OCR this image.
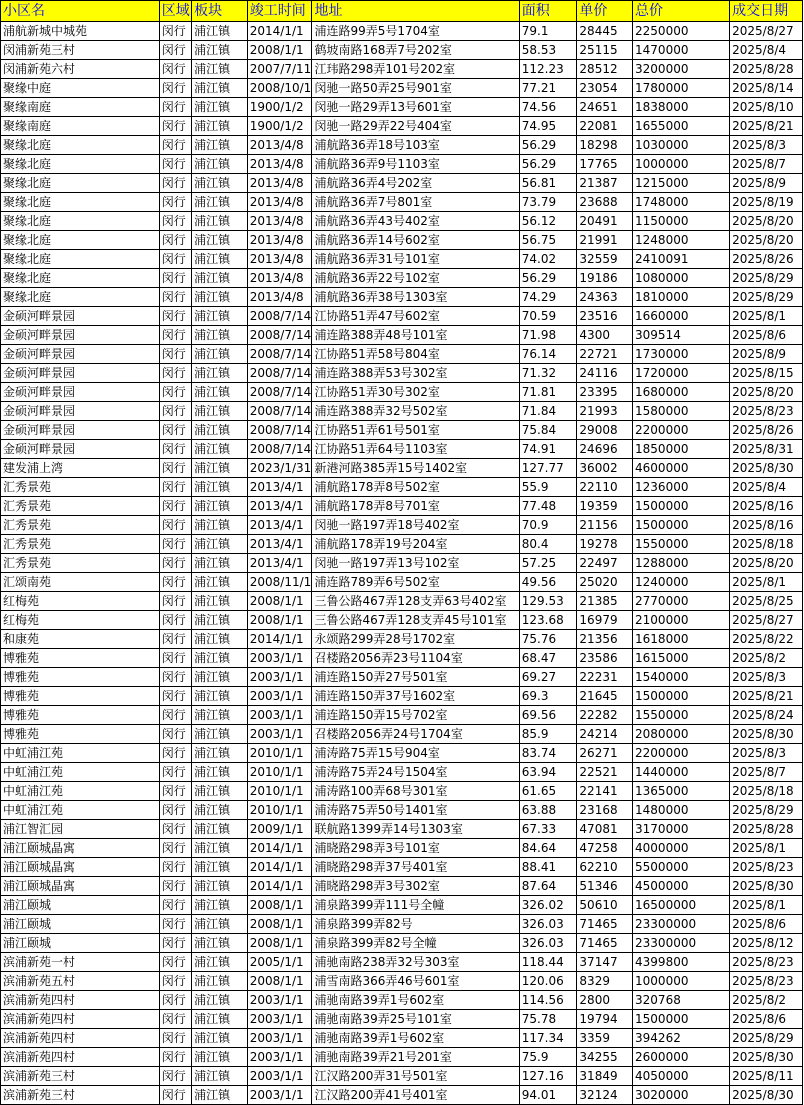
小区名	区域	板块	竣工时间	地址	面积	单价	总价	成交日期
浦航新城中城苑	闵行	浦江镇	2014/1/1	浦连路99弄5号1704室	79.1	28445	2250000	2025/8/27
闵浦新苑三村	闵行	浦江镇	2008/1/1	鹤坡南路168弄7号202室	58.53	25115	1470000	2025/8/4
闵浦新苑六村	闵行	浦江镇	2007/7/11	江玮路298弄101号202室	112.23	28512	3200000	2025/8/28
聚缘中庭	闵行	浦江镇	2008/10/1	闵驰一路50弄25号901室	77.21	23054	1780000	2025/8/14
聚缘南庭	闵行	浦江镇	1900/1/2	闵驰一路29弄13号601室	74.56	24651	1838000	2025/8/10
聚缘南庭	闵行	浦江镇	1900/1/2	闵驰一路29弄22号404室	74.95	22081	1655000	2025/8/21
聚缘北庭	闵行	浦江镇	2013/4/8	浦航路36弄18号103室	56.29	18298	1030000	2025/8/3
聚缘北庭	闵行	浦江镇	2013/4/8	浦航路36弄9号1103室	56.29	17765	1000000	2025/8/7
聚缘北庭	闵行	浦江镇	2013/4/8	浦航路36弄4号202室	56.81	21387	1215000	2025/8/9
聚缘北庭	闵行	浦江镇	2013/4/8	浦航路36弄7号801室	73.79	23688	1748000	2025/8/19
聚缘北庭	闵行	浦江镇	2013/4/8	浦航路36弄43号402室	56.12	20491	1150000	2025/8/20
聚缘北庭	闵行	浦江镇	2013/4/8	浦航路36弄14号602室	56.75	21991	1248000	2025/8/20
聚缘北庭	闵行	浦江镇	2013/4/8	浦航路36弄31号101室	74.02	32559	2410091	2025/8/26
聚缘北庭	闵行	浦江镇	2013/4/8	浦航路36弄22号102室	56.29	19186	1080000	2025/8/29
聚缘北庭	闵行	浦江镇	2013/4/8	浦航路36弄38号1303室	74.29	24363	1810000	2025/8/29
金硕河畔景园	闵行	浦江镇	2008/7/14	江协路51弄47号602室	70.59	23516	1660000	2025/8/1
金硕河畔景园	闵行	浦江镇	2008/7/14	浦连路388弄48号101室	71.98	4300	309514	2025/8/6
金硕河畔景园	闵行	浦江镇	2008/7/14	江协路51弄58号804室	76.14	22721	1730000	2025/8/9
金硕河畔景园	闵行	浦江镇	2008/7/14	浦连路388弄53号302室	71.32	24116	1720000	2025/8/15
金硕河畔景园	闵行	浦江镇	2008/7/14	江协路51弄30号302室	71.81	23395	1680000	2025/8/20
金硕河畔景园	闵行	浦江镇	2008/7/14	浦连路388弄32号502室	71.84	21993	1580000	2025/8/23
金硕河畔景园	闵行	浦江镇	2008/7/14	江协路51弄61号501室	75.84	29008	2200000	2025/8/26
金硕河畔景园	闵行	浦江镇	2008/7/14	江协路51弄64号1103室	74.91	24696	1850000	2025/8/31
建发浦上湾	闵行	浦江镇	2023/1/31	新港河路385弄15号1402室	127.77	36002	4600000	2025/8/30
汇秀景苑	闵行	浦江镇	2013/4/1	浦航路178弄8号502室	55.9	22110	1236000	2025/8/4
汇秀景苑	闵行	浦江镇	2013/4/1	浦航路178弄8号701室	77.48	19359	1500000	2025/8/16
汇秀景苑	闵行	浦江镇	2013/4/1	闵驰一路197弄18号402室	70.9	21156	1500000	2025/8/16
汇秀景苑	闵行	浦江镇	2013/4/1	浦航路178弄19号204室	80.4	19278	1550000	2025/8/18
汇秀景苑	闵行	浦江镇	2013/4/1	闵驰一路197弄13号102室	57.25	22497	1288000	2025/8/20
汇颂南苑	闵行	浦江镇	2008/11/1	浦连路789弄6号502室	49.56	25020	1240000	2025/8/1
红梅苑	闵行	浦江镇	2008/1/1	三鲁公路467弄128支弄63号402室	129.53	21385	2770000	2025/8/25
红梅苑	闵行	浦江镇	2008/1/1	三鲁公路467弄128支弄45号101室	123.68	16979	2100000	2025/8/27
和康苑	闵行	浦江镇	2014/1/1	永颂路299弄28号1702室	75.76	21356	1618000	2025/8/22
博雅苑	闵行	浦江镇	2003/1/1	召楼路2056弄23号1104室	68.47	23586	1615000	2025/8/2
博雅苑	闵行	浦江镇	2003/1/1	浦连路150弄27号501室	69.27	22231	1540000	2025/8/3
博雅苑	闵行	浦江镇	2003/1/1	浦连路150弄37号1602室	69.3	21645	1500000	2025/8/21
博雅苑	闵行	浦江镇	2003/1/1	浦连路150弄15号702室	69.56	22282	1550000	2025/8/24
博雅苑	闵行	浦江镇	2003/1/1	召楼路2056弄24号1704室	85.9	24214	2080000	2025/8/30
中虹浦江苑	闵行	浦江镇	2010/1/1	浦涛路75弄15号904室	83.74	26271	2200000	2025/8/3
中虹浦江苑	闵行	浦江镇	2010/1/1	浦涛路75弄24号1504室	63.94	22521	1440000	2025/8/7
中虹浦江苑	闵行	浦江镇	2010/1/1	浦涛路100弄68号301室	61.65	22141	1365000	2025/8/18
中虹浦江苑	闵行	浦江镇	2010/1/1	浦涛路75弄50号1401室	63.88	23168	1480000	2025/8/29
浦江智汇园	闵行	浦江镇	2009/1/1	联航路1399弄14号1303室	67.33	47081	3170000	2025/8/28
浦江颐城晶寓	闵行	浦江镇	2014/1/1	浦晓路298弄3号101室	84.64	47258	4000000	2025/8/1
浦江颐城晶寓	闵行	浦江镇	2014/1/1	浦晓路298弄37号401室	88.41	62210	5500000	2025/8/23
浦江颐城晶寓	闵行	浦江镇	2014/1/1	浦晓路298弄3号302室	87.64	51346	4500000	2025/8/30
浦江颐城	闵行	浦江镇	2008/1/1	浦泉路399弄111号全幢	326.02	50610	16500000	2025/8/1
浦江颐城	闵行	浦江镇	2008/1/1	浦泉路399弄82号	326.03	71465	23300000	2025/8/6
浦江颐城	闵行	浦江镇	2008/1/1	浦泉路399弄82号全幢	326.03	71465	23300000	2025/8/12
滨浦新苑一村	闵行	浦江镇	2005/1/1	浦驰南路238弄32号303室	118.44	37147	4399800	2025/8/23
滨浦新苑五村	闵行	浦江镇	2008/1/1	浦雪南路366弄46号601室	120.06	8329	1000000	2025/8/23
滨浦新苑四村	闵行	浦江镇	2003/1/1	浦驰南路39弄1号602室	114.56	2800	320768	2025/8/2
滨浦新苑四村	闵行	浦江镇	2003/1/1	浦驰南路39弄25号101室	75.78	19794	1500000	2025/8/6
滨浦新苑四村	闵行	浦江镇	2003/1/1	浦驰南路39弄1号602室	117.34	3359	394262	2025/8/29
滨浦新苑四村	闵行	浦江镇	2003/1/1	浦驰南路39弄21号201室	75.9	34255	2600000	2025/8/30
滨浦新苑三村	闵行	浦江镇	2003/1/1	江汉路200弄31号501室	127.16	31849	4050000	2025/8/11
滨浦新苑三村	闵行	浦江镇	2003/1/1	江汉路200弄41号401室	94.01	32124	3020000	2025/8/30
